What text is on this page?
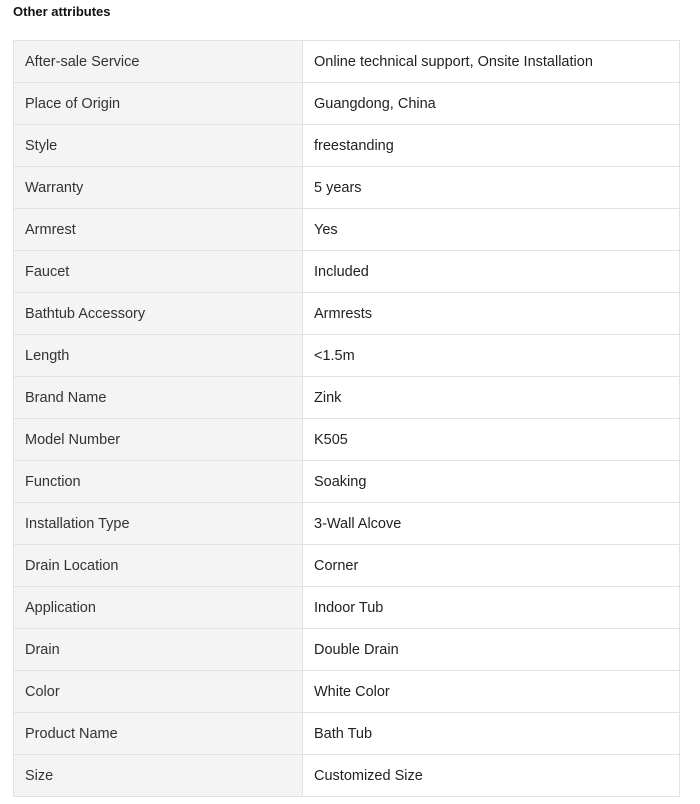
Other attributes
After-sale Service	Online technical support, Onsite Installation
Place of Origin	Guangdong, China
Style	freestanding
Warranty	5 years
Armrest	Yes
Faucet	Included
Bathtub Accessory	Armrests
Length	<1.5m
Brand Name	Zink
Model Number	K505
Function	Soaking
Installation Type	3-Wall Alcove
Drain Location	Corner
Application	Indoor Tub
Drain	Double Drain
Color	White Color
Product Name	Bath Tub
Size	Customized Size
